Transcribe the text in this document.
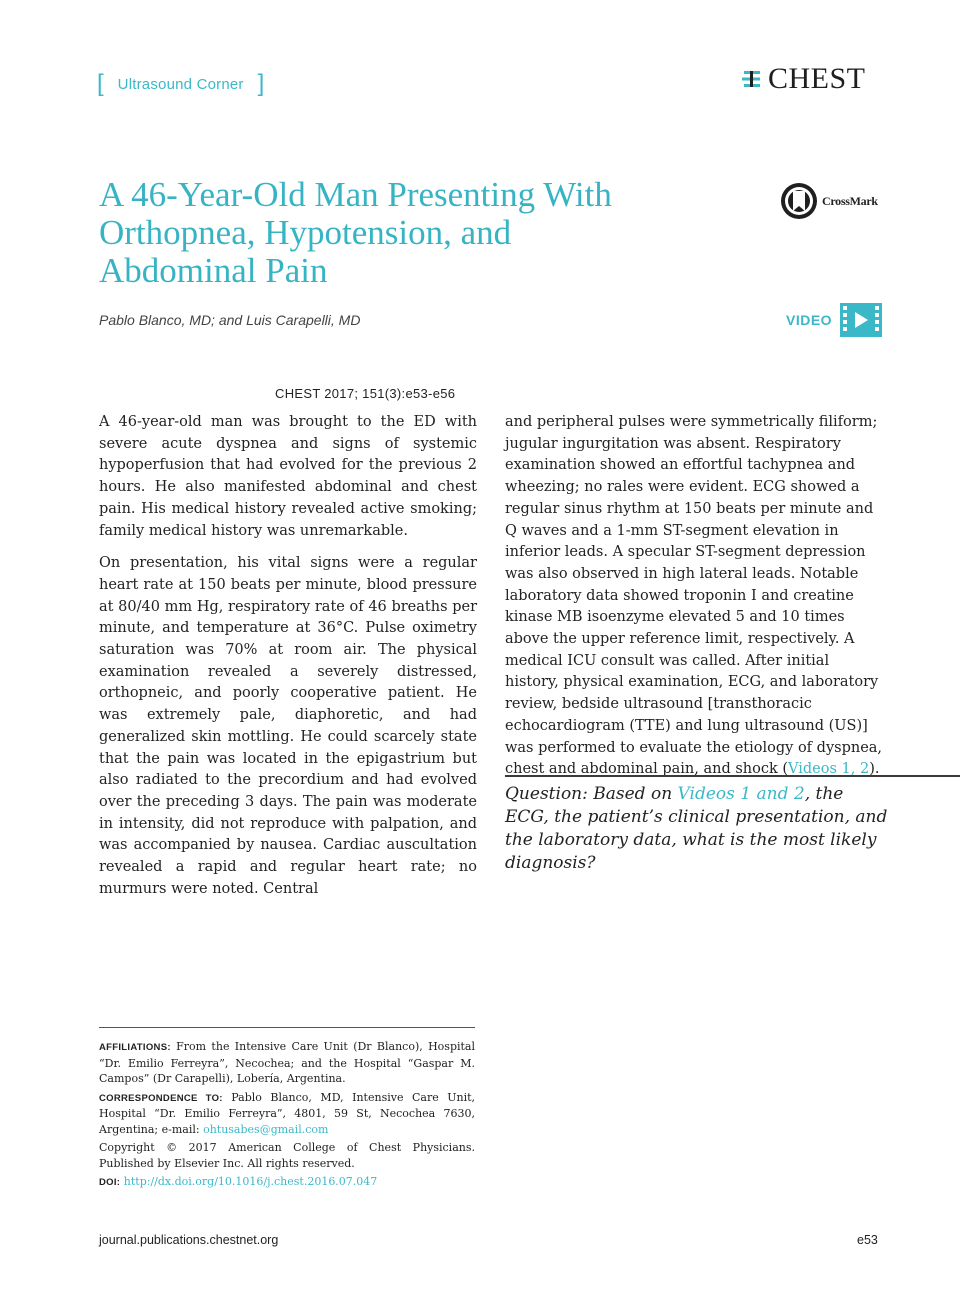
[ Ultrasound Corner ]	CHEST
A 46-Year-Old Man Presenting With Orthopnea, Hypotension, and Abdominal Pain
CrossMark
Pablo Blanco, MD; and Luis Carapelli, MD	VIDEO
CHEST 2017; 151(3):e53-e56

A 46-year-old man was brought to the ED with severe acute dyspnea and signs of systemic hypoperfusion that had evolved for the previous 2 hours. He also manifested abdominal and chest pain. His medical history revealed active smoking; family medical history was unremarkable.

On presentation, his vital signs were a regular heart rate at 150 beats per minute, blood pressure at 80/40 mm Hg, respiratory rate of 46 breaths per minute, and temperature at 36°C. Pulse oximetry saturation was 70% at room air. The physical examination revealed a severely distressed, orthopneic, and poorly cooperative patient. He was extremely pale, diaphoretic, and had generalized skin mottling. He could scarcely state that the pain was located in the epigastrium but also radiated to the precordium and had evolved over the preceding 3 days. The pain was moderate in intensity, did not reproduce with palpation, and was accompanied by nausea. Cardiac auscultation revealed a rapid and regular heart rate; no murmurs were noted. Central

and peripheral pulses were symmetrically filiform; jugular ingurgitation was absent. Respiratory examination showed an effortful tachypnea and wheezing; no rales were evident. ECG showed a regular sinus rhythm at 150 beats per minute and Q waves and a 1-mm ST-segment elevation in inferior leads. A specular ST-segment depression was also observed in high lateral leads. Notable laboratory data showed troponin I and creatine kinase MB isoenzyme elevated 5 and 10 times above the upper reference limit, respectively. A medical ICU consult was called. After initial history, physical examination, ECG, and laboratory review, bedside ultrasound [transthoracic echocardiogram (TTE) and lung ultrasound (US)] was performed to evaluate the etiology of dyspnea, chest and abdominal pain, and shock (Videos 1, 2).

Question: Based on Videos 1 and 2, the ECG, the patient’s clinical presentation, and the laboratory data, what is the most likely diagnosis?

AFFILIATIONS: From the Intensive Care Unit (Dr Blanco), Hospital “Dr. Emilio Ferreyra”, Necochea; and the Hospital “Gaspar M. Campos” (Dr Carapelli), Lobería, Argentina.

CORRESPONDENCE TO: Pablo Blanco, MD, Intensive Care Unit, Hospital “Dr. Emilio Ferreyra”, 4801, 59 St, Necochea 7630, Argentina; e-mail: ohtusabes@gmail.com

Copyright © 2017 American College of Chest Physicians. Published by Elsevier Inc. All rights reserved.

DOI: http://dx.doi.org/10.1016/j.chest.2016.07.047

journal.publications.chestnet.org	e53
